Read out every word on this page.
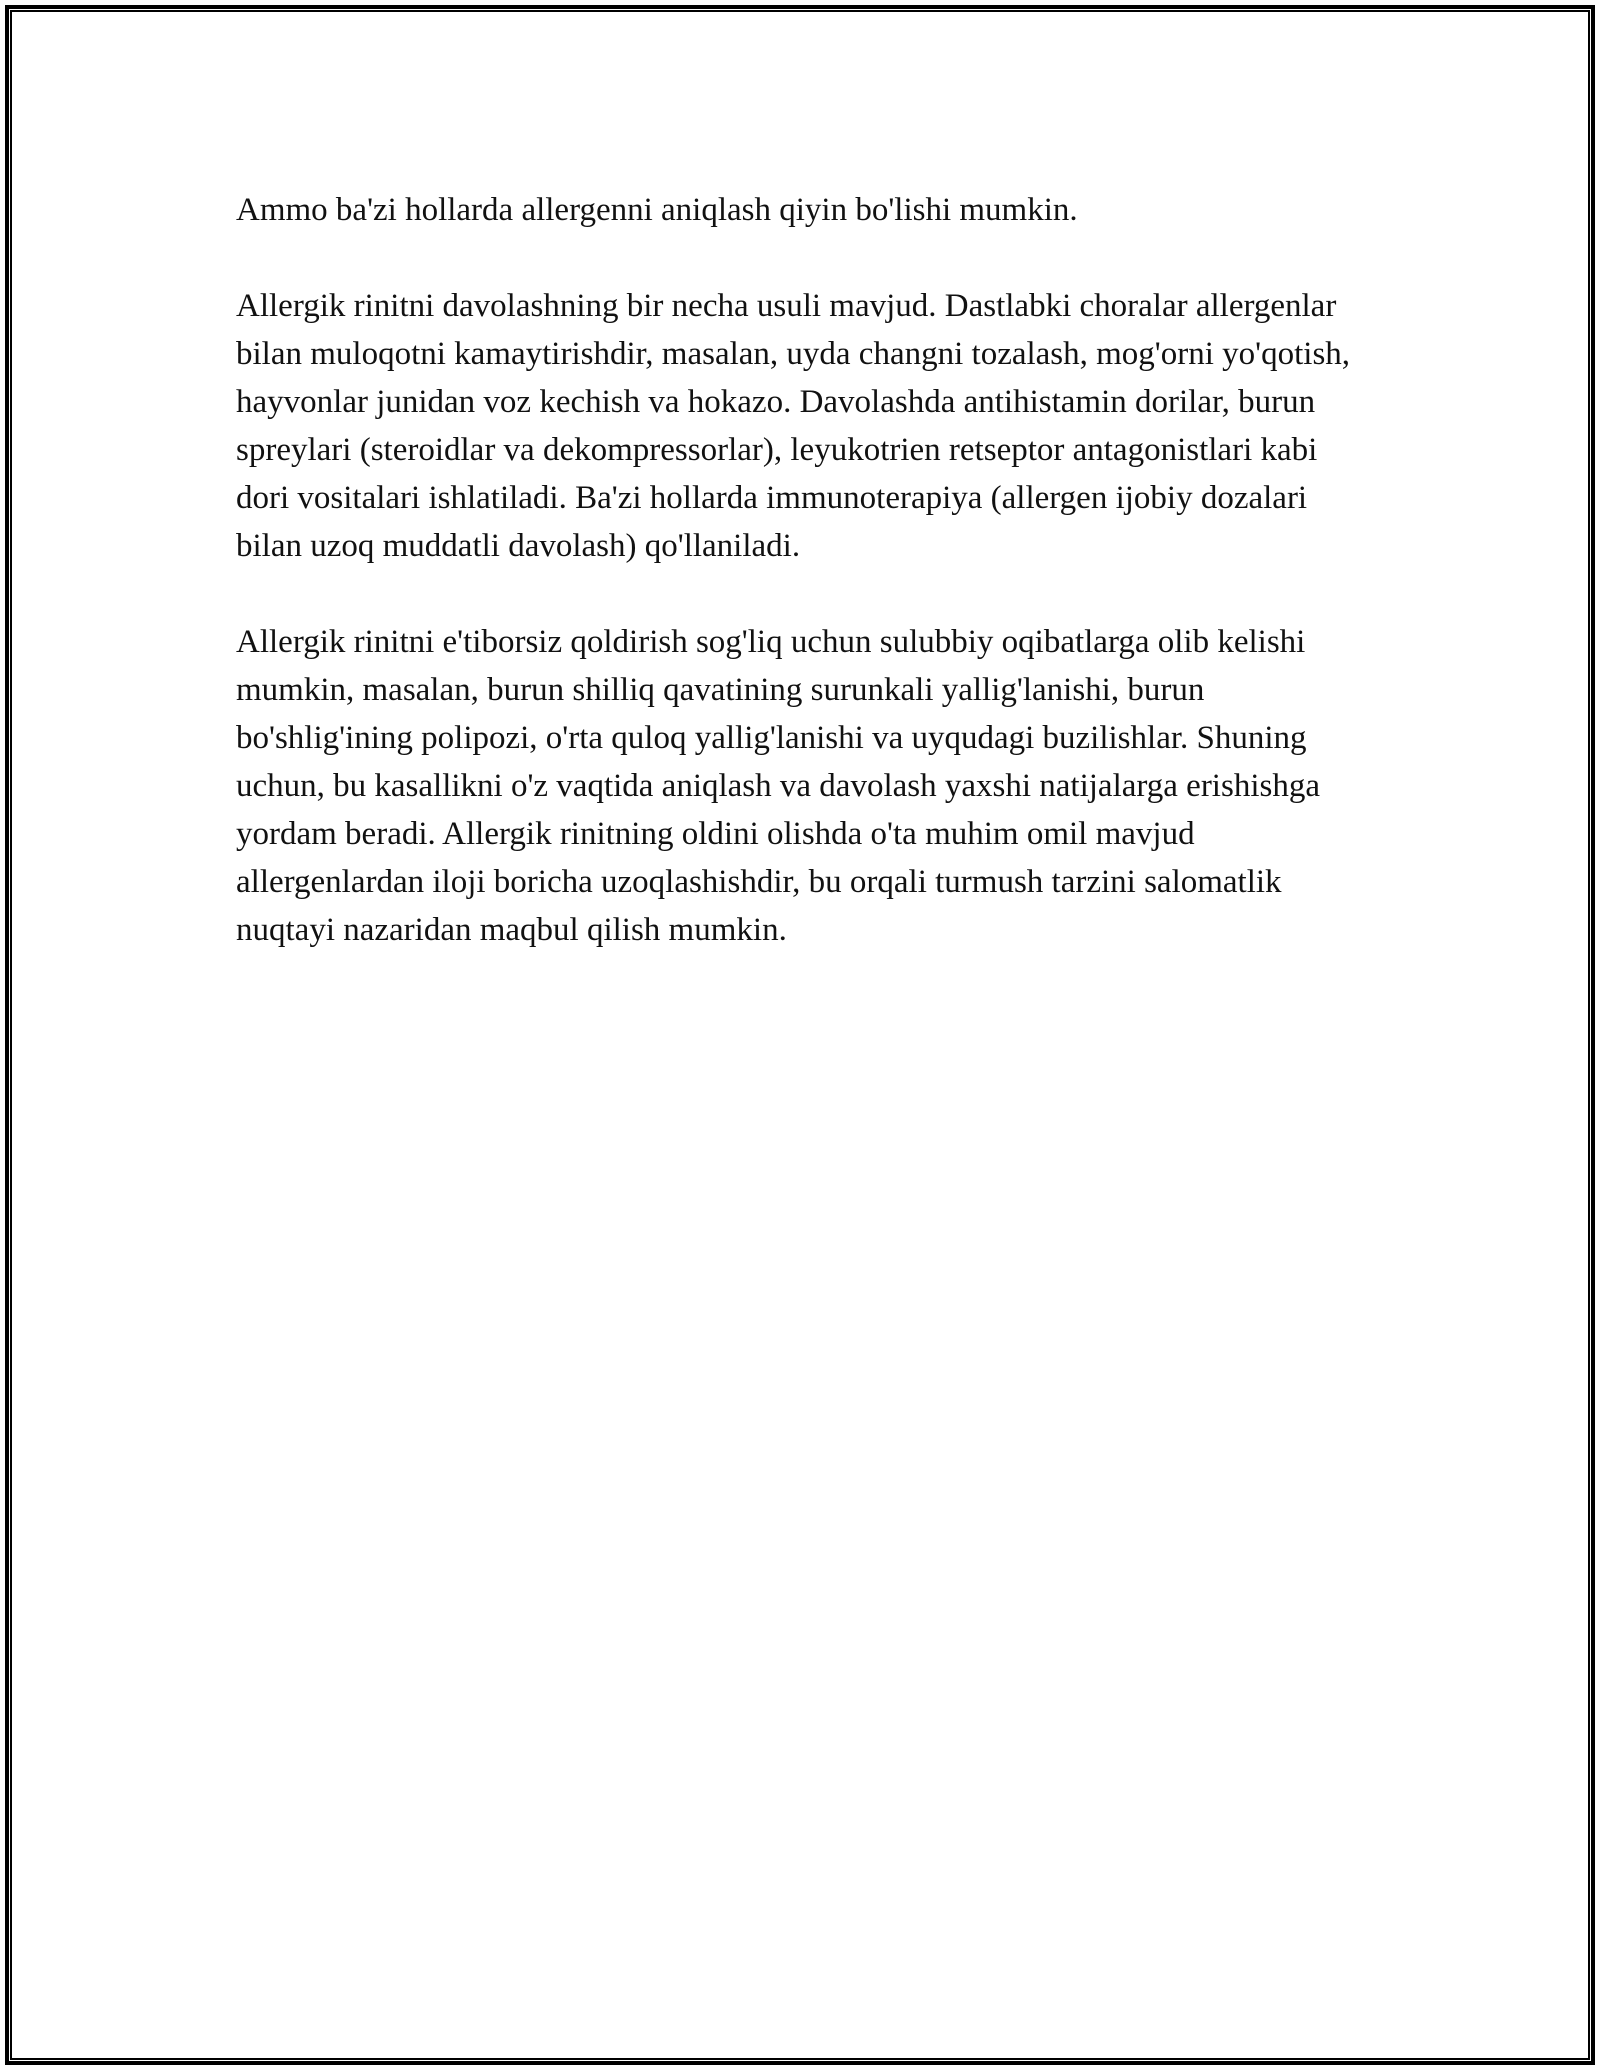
Ammo ba'zi hollarda allergenni aniqlash qiyin bo'lishi mumkin.

Allergik rinitni davolashning bir necha usuli mavjud. Dastlabki choralar allergenlar bilan muloqotni kamaytirishdir, masalan, uyda changni tozalash, mog'orni yo'qotish, hayvonlar junidan voz kechish va hokazo. Davolashda antihistamin dorilar, burun spreylari (steroidlar va dekompressorlar), leyukotrien retseptor antagonistlari kabi dori vositalari ishlatiladi. Ba'zi hollarda immunoterapiya (allergen ijobiy dozalari bilan uzoq muddatli davolash) qo'llaniladi.

Allergik rinitni e'tiborsiz qoldirish sog'liq uchun sulubbiy oqibatlarga olib kelishi mumkin, masalan, burun shilliq qavatining surunkali yallig'lanishi, burun bo'shlig'ining polipozi, o'rta quloq yallig'lanishi va uyqudagi buzilishlar. Shuning uchun, bu kasallikni o'z vaqtida aniqlash va davolash yaxshi natijalarga erishishga yordam beradi. Allergik rinitning oldini olishda o'ta muhim omil mavjud allergenlardan iloji boricha uzoqlashishdir, bu orqali turmush tarzini salomatlik nuqtayi nazaridan maqbul qilish mumkin.
